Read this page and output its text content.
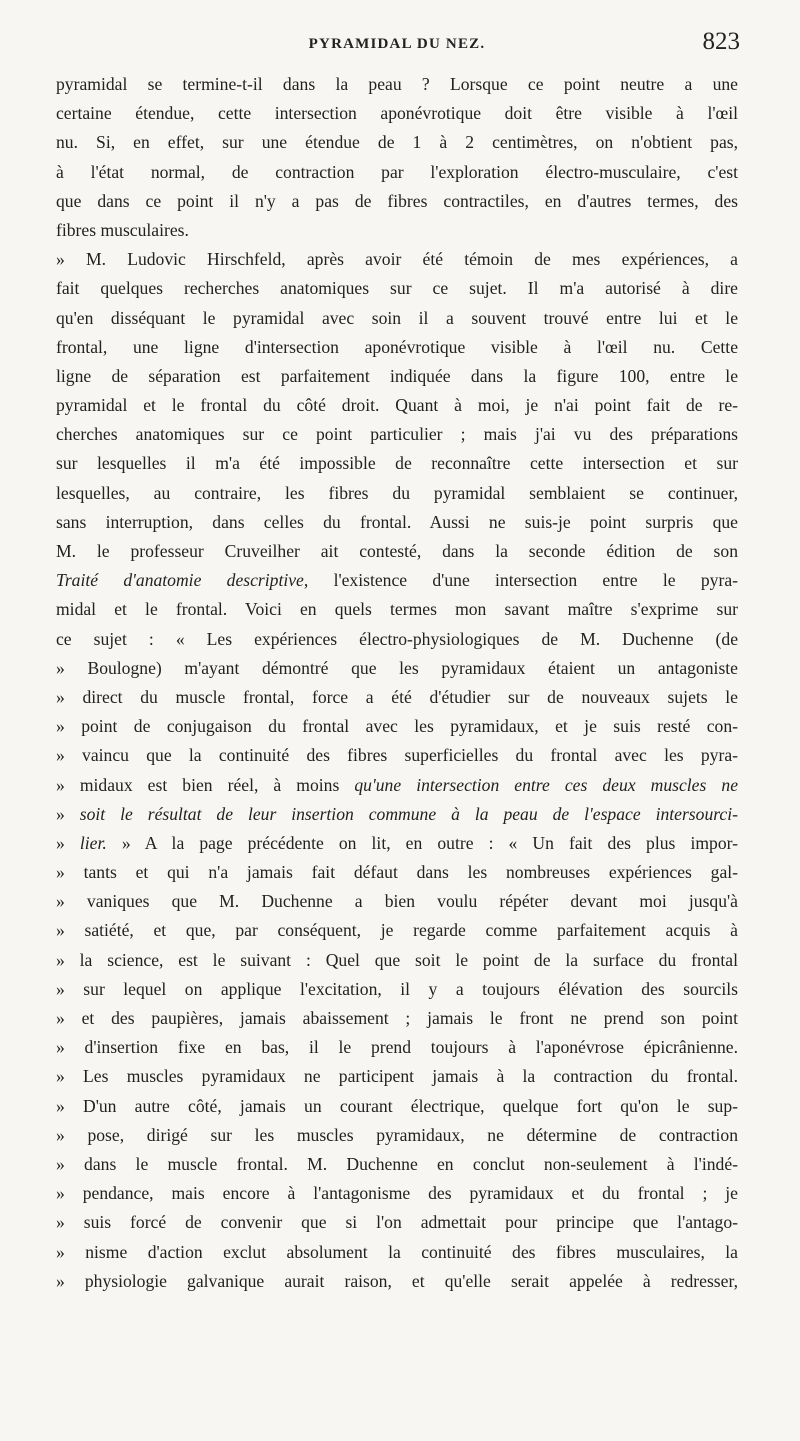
PYRAMIDAL DU NEZ.	823
pyramidal se termine-t-il dans la peau ? Lorsque ce point neutre a une
certaine étendue, cette intersection aponévrotique doit être visible à l'œil
nu. Si, en effet, sur une étendue de 1 à 2 centimètres, on n'obtient pas,
à l'état normal, de contraction par l'exploration électro-musculaire, c'est
que dans ce point il n'y a pas de fibres contractiles, en d'autres termes, des
fibres musculaires.
» M. Ludovic Hirschfeld, après avoir été témoin de mes expériences, a
fait quelques recherches anatomiques sur ce sujet. Il m'a autorisé à dire
qu'en disséquant le pyramidal avec soin il a souvent trouvé entre lui et le
frontal, une ligne d'intersection aponévrotique visible à l'œil nu. Cette
ligne de séparation est parfaitement indiquée dans la figure 100, entre le
pyramidal et le frontal du côté droit. Quant à moi, je n'ai point fait de re-
cherches anatomiques sur ce point particulier ; mais j'ai vu des préparations
sur lesquelles il m'a été impossible de reconnaître cette intersection et sur
lesquelles, au contraire, les fibres du pyramidal semblaient se continuer,
sans interruption, dans celles du frontal. Aussi ne suis-je point surpris que
M. le professeur Cruveilher ait contesté, dans la seconde édition de son
Traité d'anatomie descriptive, l'existence d'une intersection entre le pyra-
midal et le frontal. Voici en quels termes mon savant maître s'exprime sur
ce sujet : « Les expériences électro-physiologiques de M. Duchenne (de
» Boulogne) m'ayant démontré que les pyramidaux étaient un antagoniste
» direct du muscle frontal, force a été d'étudier sur de nouveaux sujets le
» point de conjugaison du frontal avec les pyramidaux, et je suis resté con-
» vaincu que la continuité des fibres superficielles du frontal avec les pyra-
» midaux est bien réel, à moins qu'une intersection entre ces deux muscles ne
» soit le résultat de leur insertion commune à la peau de l'espace intersourci-
» lier. » A la page précédente on lit, en outre : « Un fait des plus impor-
» tants et qui n'a jamais fait défaut dans les nombreuses expériences gal-
» vaniques que M. Duchenne a bien voulu répéter devant moi jusqu'à
» satiété, et que, par conséquent, je regarde comme parfaitement acquis à
» la science, est le suivant : Quel que soit le point de la surface du frontal
» sur lequel on applique l'excitation, il y a toujours élévation des sourcils
» et des paupières, jamais abaissement ; jamais le front ne prend son point
» d'insertion fixe en bas, il le prend toujours à l'aponévrose épicrânienne.
» Les muscles pyramidaux ne participent jamais à la contraction du frontal.
» D'un autre côté, jamais un courant électrique, quelque fort qu'on le sup-
» pose, dirigé sur les muscles pyramidaux, ne détermine de contraction
» dans le muscle frontal. M. Duchenne en conclut non-seulement à l'indé-
» pendance, mais encore à l'antagonisme des pyramidaux et du frontal ; je
» suis forcé de convenir que si l'on admettait pour principe que l'antago-
» nisme d'action exclut absolument la continuité des fibres musculaires, la
» physiologie galvanique aurait raison, et qu'elle serait appelée à redresser,
